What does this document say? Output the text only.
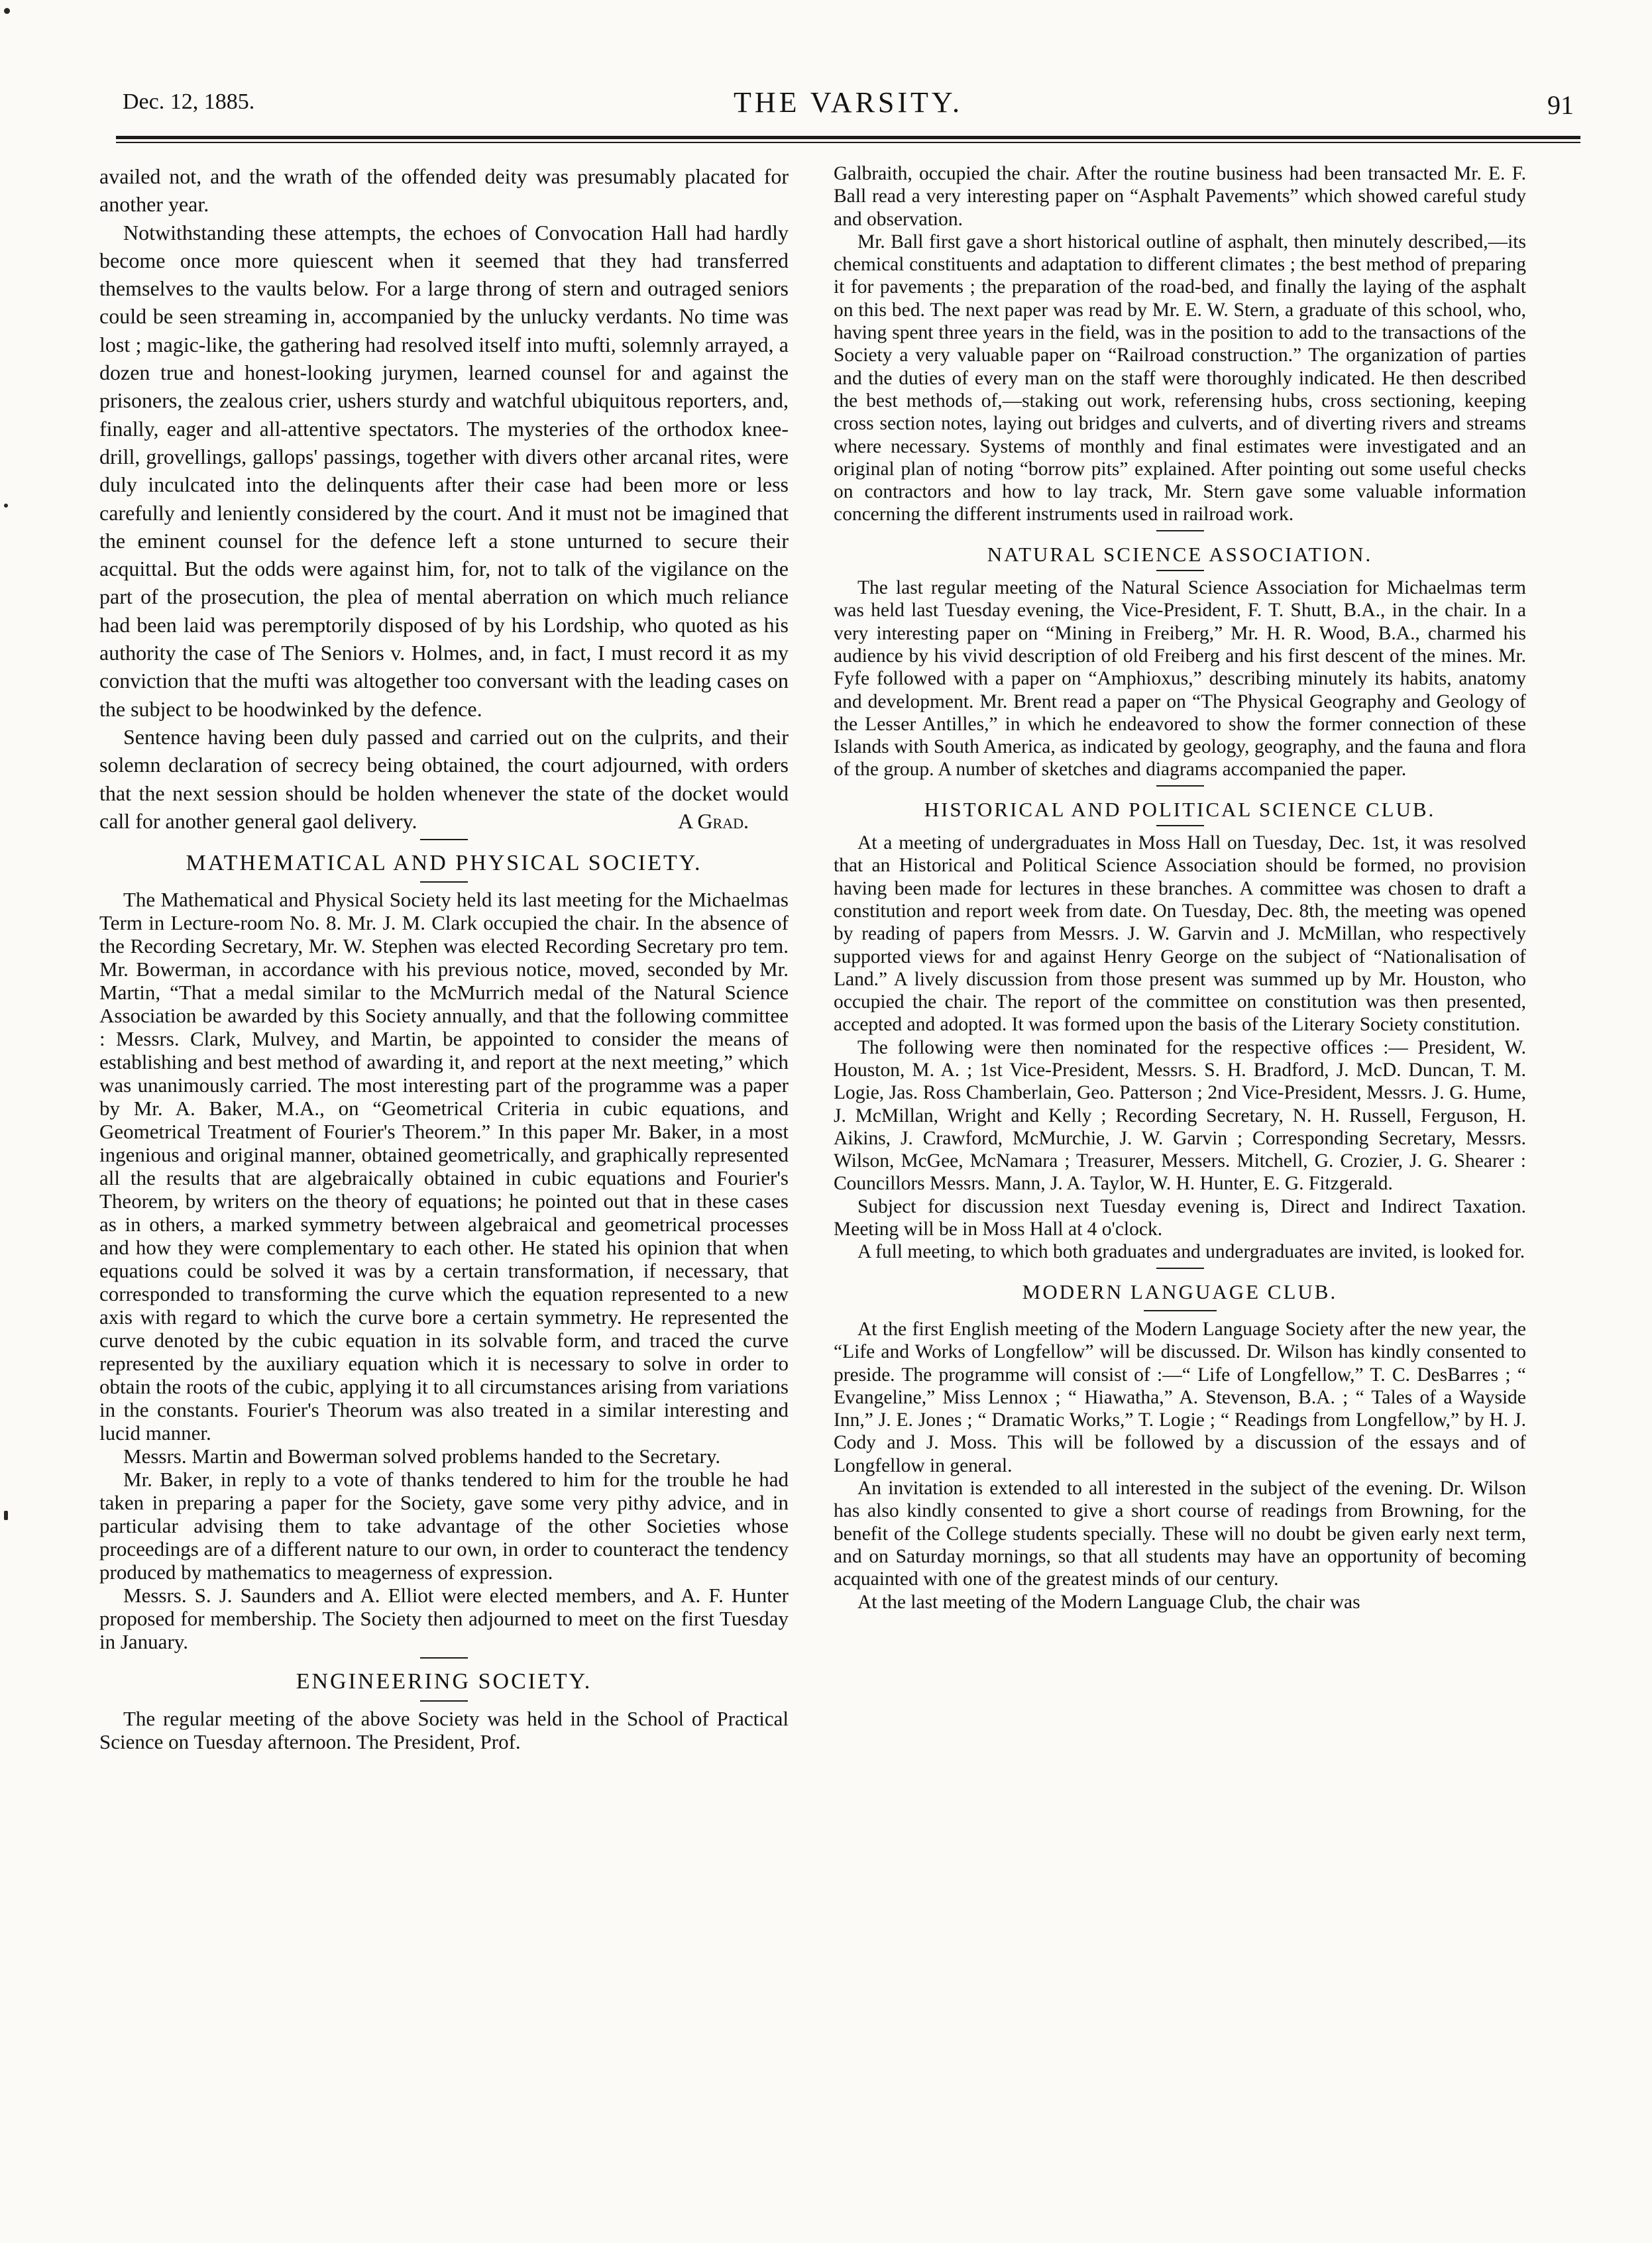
Dec. 12, 1885.	THE VARSITY.	91

availed not, and the wrath of the offended deity was presumably placated for another year.

Notwithstanding these attempts, the echoes of Convocation Hall had hardly become once more quiescent when it seemed that they had transferred themselves to the vaults below. For a large throng of stern and outraged seniors could be seen streaming in, accompanied by the unlucky verdants. No time was lost ; magic-like, the gathering had resolved itself into mufti, solemnly arrayed, a dozen true and honest-looking jurymen, learned counsel for and against the prisoners, the zealous crier, ushers sturdy and watchful ubiquitous reporters, and, finally, eager and all-attentive spectators. The mysteries of the orthodox knee-drill, grovellings, gallops' passings, together with divers other arcanal rites, were duly inculcated into the delinquents after their case had been more or less carefully and leniently considered by the court. And it must not be imagined that the eminent counsel for the defence left a stone unturned to secure their acquittal. But the odds were against him, for, not to talk of the vigilance on the part of the prosecution, the plea of mental aberration on which much reliance had been laid was peremptorily disposed of by his Lordship, who quoted as his authority the case of The Seniors v. Holmes, and, in fact, I must record it as my conviction that the mufti was altogether too conversant with the leading cases on the subject to be hoodwinked by the defence.

Sentence having been duly passed and carried out on the culprits, and their solemn declaration of secrecy being obtained, the court adjourned, with orders that the next session should be holden whenever the state of the docket would call for another general gaol delivery.	A Grad.

MATHEMATICAL AND PHYSICAL SOCIETY.

The Mathematical and Physical Society held its last meeting for the Michaelmas Term in Lecture-room No. 8. Mr. J. M. Clark occupied the chair. In the absence of the Recording Secretary, Mr. W. Stephen was elected Recording Secretary pro tem. Mr. Bowerman, in accordance with his previous notice, moved, seconded by Mr. Martin, “That a medal similar to the McMurrich medal of the Natural Science Association be awarded by this Society annually, and that the following committee : Messrs. Clark, Mulvey, and Martin, be appointed to consider the means of establishing and best method of awarding it, and report at the next meeting,” which was unanimously carried. The most interesting part of the programme was a paper by Mr. A. Baker, M.A., on “Geometrical Criteria in cubic equations, and Geometrical Treatment of Fourier's Theorem.” In this paper Mr. Baker, in a most ingenious and original manner, obtained geometrically, and graphically represented all the results that are algebraically obtained in cubic equations and Fourier's Theorem, by writers on the theory of equations; he pointed out that in these cases as in others, a marked symmetry between algebraical and geometrical processes and how they were complementary to each other. He stated his opinion that when equations could be solved it was by a certain transformation, if necessary, that corresponded to transforming the curve which the equation represented to a new axis with regard to which the curve bore a certain symmetry. He represented the curve denoted by the cubic equation in its solvable form, and traced the curve represented by the auxiliary equation which it is necessary to solve in order to obtain the roots of the cubic, applying it to all circumstances arising from variations in the constants. Fourier's Theorum was also treated in a similar interesting and lucid manner.

Messrs. Martin and Bowerman solved problems handed to the Secretary.

Mr. Baker, in reply to a vote of thanks tendered to him for the trouble he had taken in preparing a paper for the Society, gave some very pithy advice, and in particular advising them to take advantage of the other Societies whose proceedings are of a different nature to our own, in order to counteract the tendency produced by mathematics to meagerness of expression.

Messrs. S. J. Saunders and A. Elliot were elected members, and A. F. Hunter proposed for membership. The Society then adjourned to meet on the first Tuesday in January.

ENGINEERING SOCIETY.

The regular meeting of the above Society was held in the School of Practical Science on Tuesday afternoon. The President, Prof.

Galbraith, occupied the chair. After the routine business had been transacted Mr. E. F. Ball read a very interesting paper on “Asphalt Pavements” which showed careful study and observation.

Mr. Ball first gave a short historical outline of asphalt, then minutely described,—its chemical constituents and adaptation to different climates ; the best method of preparing it for pavements ; the preparation of the road-bed, and finally the laying of the asphalt on this bed. The next paper was read by Mr. E. W. Stern, a graduate of this school, who, having spent three years in the field, was in the position to add to the transactions of the Society a very valuable paper on “Railroad construction.” The organization of parties and the duties of every man on the staff were thoroughly indicated. He then described the best methods of,—staking out work, referensing hubs, cross sectioning, keeping cross section notes, laying out bridges and culverts, and of diverting rivers and streams where necessary. Systems of monthly and final estimates were investigated and an original plan of noting “borrow pits” explained. After pointing out some useful checks on contractors and how to lay track, Mr. Stern gave some valuable information concerning the different instruments used in railroad work.

NATURAL SCIENCE ASSOCIATION.

The last regular meeting of the Natural Science Association for Michaelmas term was held last Tuesday evening, the Vice-President, F. T. Shutt, B.A., in the chair. In a very interesting paper on “Mining in Freiberg,” Mr. H. R. Wood, B.A., charmed his audience by his vivid description of old Freiberg and his first descent of the mines. Mr. Fyfe followed with a paper on “Amphioxus,” describing minutely its habits, anatomy and development. Mr. Brent read a paper on “The Physical Geography and Geology of the Lesser Antilles,” in which he endeavored to show the former connection of these Islands with South America, as indicated by geology, geography, and the fauna and flora of the group. A number of sketches and diagrams accompanied the paper.

HISTORICAL AND POLITICAL SCIENCE CLUB.

At a meeting of undergraduates in Moss Hall on Tuesday, Dec. 1st, it was resolved that an Historical and Political Science Association should be formed, no provision having been made for lectures in these branches. A committee was chosen to draft a constitution and report week from date. On Tuesday, Dec. 8th, the meeting was opened by reading of papers from Messrs. J. W. Garvin and J. McMillan, who respectively supported views for and against Henry George on the subject of “Nationalisation of Land.” A lively discussion from those present was summed up by Mr. Houston, who occupied the chair. The report of the committee on constitution was then presented, accepted and adopted. It was formed upon the basis of the Literary Society constitution.

The following were then nominated for the respective offices :— President, W. Houston, M. A. ; 1st Vice-President, Messrs. S. H. Bradford, J. McD. Duncan, T. M. Logie, Jas. Ross Chamberlain, Geo. Patterson ; 2nd Vice-President, Messrs. J. G. Hume, J. McMillan, Wright and Kelly ; Recording Secretary, N. H. Russell, Ferguson, H. Aikins, J. Crawford, McMurchie, J. W. Garvin ; Corresponding Secretary, Messrs. Wilson, McGee, McNamara ; Treasurer, Messers. Mitchell, G. Crozier, J. G. Shearer : Councillors Messrs. Mann, J. A. Taylor, W. H. Hunter, E. G. Fitzgerald.

Subject for discussion next Tuesday evening is, Direct and Indirect Taxation. Meeting will be in Moss Hall at 4 o'clock.

A full meeting, to which both graduates and undergraduates are invited, is looked for.

MODERN LANGUAGE CLUB.

At the first English meeting of the Modern Language Society after the new year, the “Life and Works of Longfellow” will be discussed. Dr. Wilson has kindly consented to preside. The programme will consist of :—“ Life of Longfellow,” T. C. DesBarres ; “ Evangeline,” Miss Lennox ; “ Hiawatha,” A. Stevenson, B.A. ; “ Tales of a Wayside Inn,” J. E. Jones ; “ Dramatic Works,” T. Logie ; “ Readings from Longfellow,” by H. J. Cody and J. Moss. This will be followed by a discussion of the essays and of Longfellow in general.

An invitation is extended to all interested in the subject of the evening. Dr. Wilson has also kindly consented to give a short course of readings from Browning, for the benefit of the College students specially. These will no doubt be given early next term, and on Saturday mornings, so that all students may have an opportunity of becoming acquainted with one of the greatest minds of our century.

At the last meeting of the Modern Language Club, the chair was
